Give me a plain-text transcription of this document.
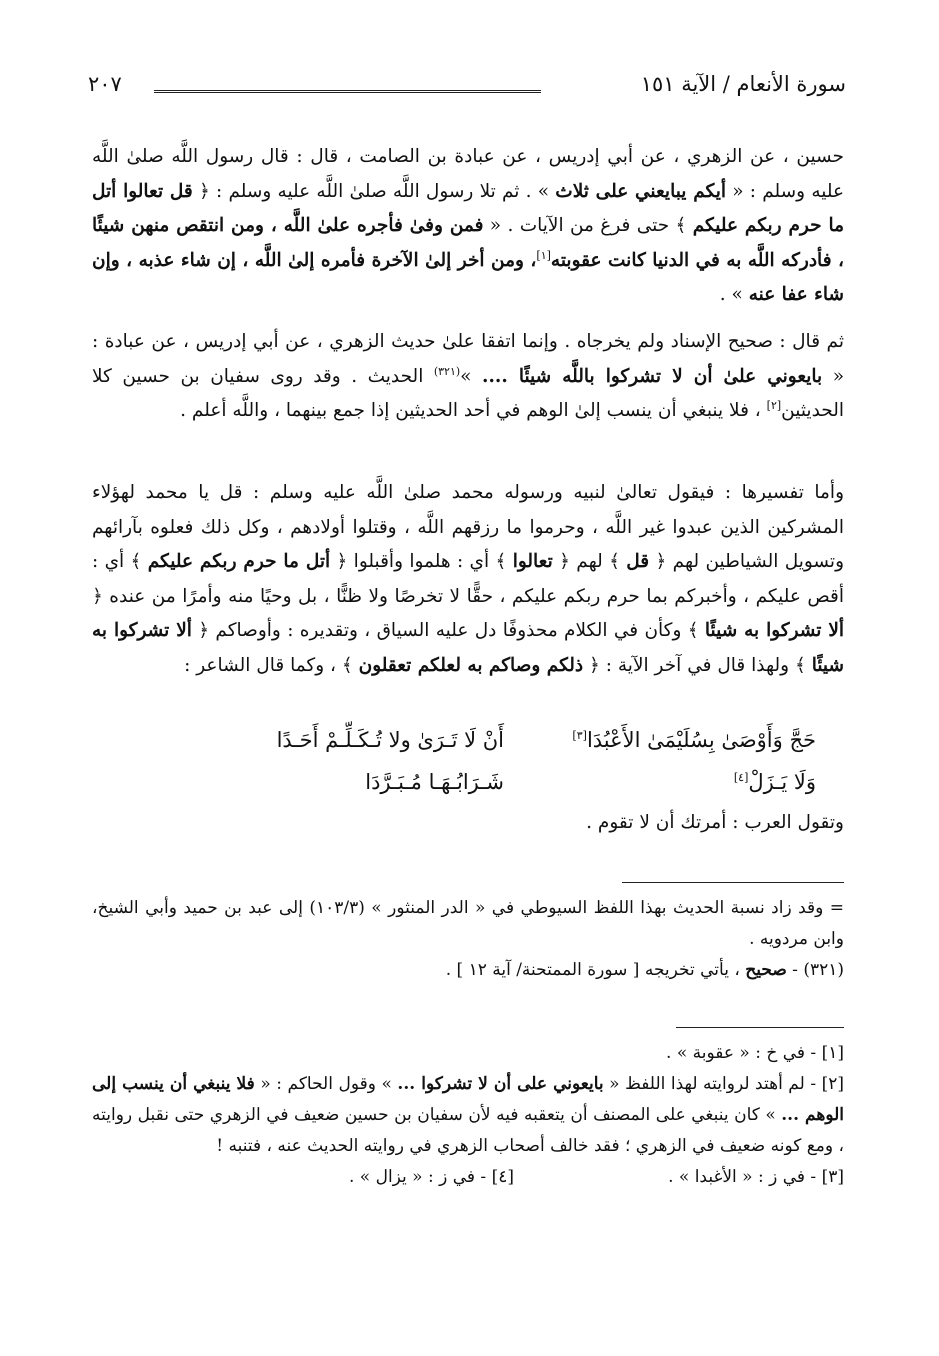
سورة الأنعام / الآية ١٥١
٢٠٧
حسين ، عن الزهري ، عن أبي إدريس ، عن عبادة بن الصامت ، قال : قال رسول اللَّه صلىٰ اللَّه عليه وسلم : « أيكم يبايعني على ثلاث » . ثم تلا رسول اللَّه صلىٰ اللَّه عليه وسلم : ﴿ قل تعالوا أتل ما حرم ربكم عليكم ﴾ حتى فرغ من الآيات . « فمن وفىٰ فأجره علىٰ اللَّه ، ومن انتقص منهن شيئًا ، فأدركه اللَّه به في الدنيا كانت عقوبته[١]، ومن أخر إلىٰ الآخرة فأمره إلىٰ اللَّه ، إن شاء عذبه ، وإن شاء عفا عنه » .
ثم قال : صحيح الإسناد ولم يخرجاه . وإنما اتفقا علىٰ حديث الزهري ، عن أبي إدريس ، عن عبادة : « بايعوني علىٰ أن لا تشركوا باللَّه شيئًا .... »$^{(٣٢١)}$ الحديث . وقد روى سفيان بن حسين كلا الحديثين[٢] ، فلا ينبغي أن ينسب إلىٰ الوهم في أحد الحديثين إذا جمع بينهما ، واللَّه أعلم .
وأما تفسيرها : فيقول تعالىٰ لنبيه ورسوله محمد صلىٰ اللَّه عليه وسلم : قل يا محمد لهؤلاء المشركين الذين عبدوا غير اللَّه ، وحرموا ما رزقهم اللَّه ، وقتلوا أولادهم ، وكل ذلك فعلوه بآرائهم وتسويل الشياطين لهم ﴿ قل ﴾ لهم ﴿ تعالوا ﴾ أي : هلموا وأقبلوا ﴿ أتل ما حرم ربكم عليكم ﴾ أي : أقص عليكم ، وأخبركم بما حرم ربكم عليكم ، حقًّا لا تخرصًا ولا ظنًّا ، بل وحيًا منه وأمرًا من عنده ﴿ ألا تشركوا به شيئًا ﴾ وكأن في الكلام محذوفًا دل عليه السياق ، وتقديره : وأوصاكم ﴿ ألا تشركوا به شيئًا ﴾ ولهذا قال في آخر الآية : ﴿ ذلكم وصاكم به لعلكم تعقلون ﴾ ، وكما قال الشاعر :
حَجَّ وَأَوْصَىٰ بِسُلَيْمَىٰ الأَعْبُدَا[٣]
أَنْ لَا تَـرَىٰ ولا تُـكَـلِّـمْ أَحَـدًا
وَلَا يَـزَلْ[٤]
شَـرَابُـهَـا مُـبَـرَّدَا
وتقول العرب : أمرتك أن لا تقوم .
= وقد زاد نسبة الحديث بهذا اللفظ السيوطي في « الدر المنثور » (١٠٣/٣) إلى عبد بن حميد وأبي الشيخ، وابن مردويه .
(٣٢١) - صحيح ، يأتي تخريجه [ سورة الممتحنة/ آية ١٢ ] .
[١] - في خ : « عقوبة » .
[٢] - لم أهتد لروايته لهذا اللفظ « بايعوني على أن لا تشركوا ... » وقول الحاكم : « فلا ينبغي أن ينسب إلى الوهم ... » كان ينبغي على المصنف أن يتعقبه فيه لأن سفيان بن حسين ضعيف في الزهري حتى نقبل روايته ، ومع كونه ضعيف في الزهري ؛ فقد خالف أصحاب الزهري في روايته الحديث عنه ، فتنبه !
[٣] - في ز : « الأغبدا » .
[٤] - في ز : « يزال » .
